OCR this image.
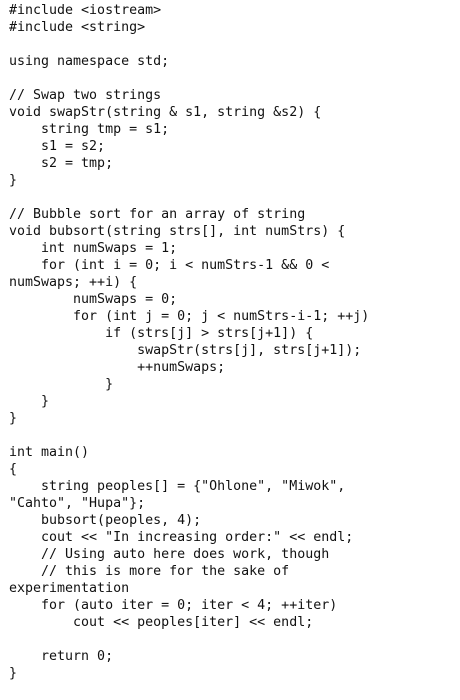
#include <iostream>
#include <string>
using namespace std;
// Swap two strings
void swapStr(string & s1, string &s2) {
string tmp = s1;
s1 = s2;
s2 = tmp;
}
// Bubble sort for an array of string
void bubsort(string strs[], int numStrs) {
int numSwaps = 1;
for (int i = 0; i < numStrs-1 && 0 <
numSwaps; ++i) {
numSwaps = 0;
for (int j = 0; j < numStrs-i-1; ++j)
if (strs[j] > strs[j+1]) {
swapStr(strs[j], strs[j+1]);
++numSwaps;
}
}
}
int main()
{
string peoples[] = {"Ohlone", "Miwok",
"Cahto", "Hupa"};
bubsort(peoples, 4);
cout << "In increasing order:" << endl;
// Using auto here does work, though
// this is more for the sake of
experimentation
for (auto iter = 0; iter < 4; ++iter)
cout << peoples[iter] << endl;
return 0;
}
